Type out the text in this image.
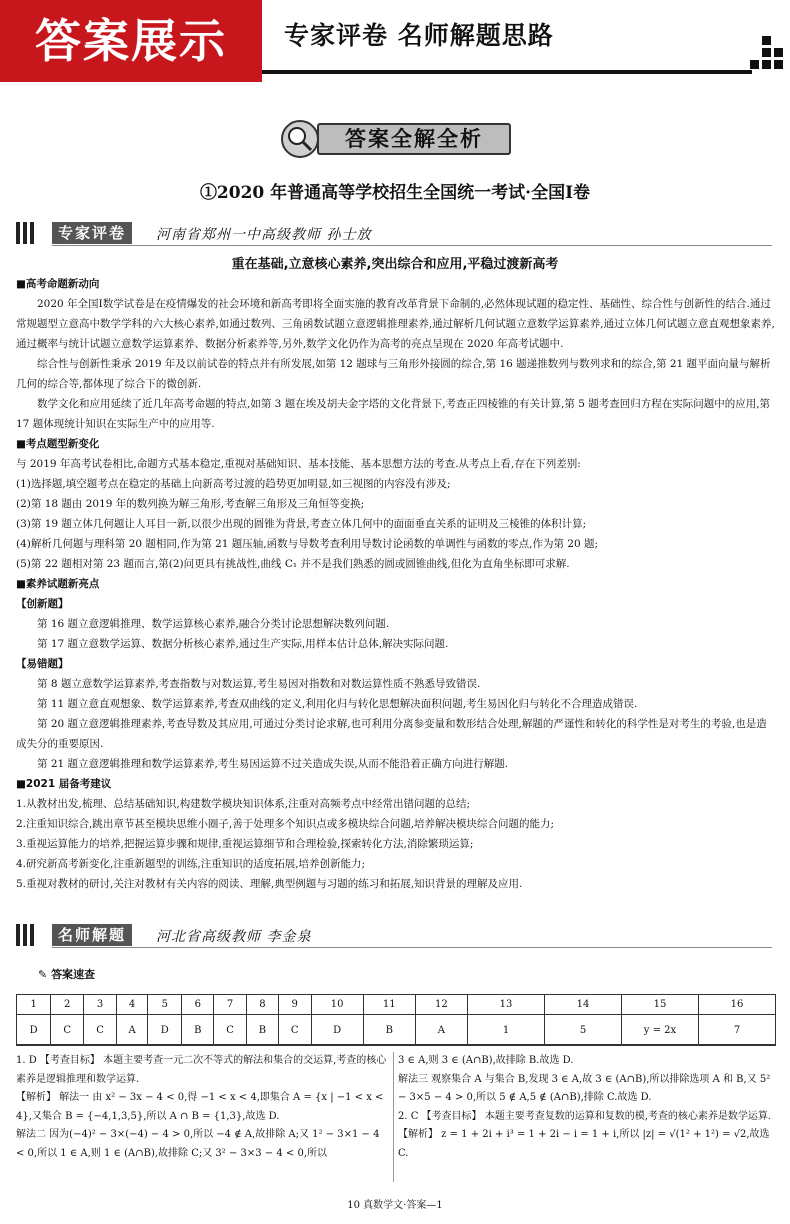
答案展示	专家评卷 名师解题思路
答案全解全析
①2020 年普通高等学校招生全国统一考试·全国Ⅰ卷
专家评卷	河南省郑州一中高级教师 孙士放
重在基础,立意核心素养,突出综合和应用,平稳过渡新高考

■高考命题新动向

2020 年全国Ⅰ数学试卷是在疫情爆发的社会环境和新高考即将全面实施的教育改革背景下命制的,必然体现试题的稳定性、基础性、综合性与创新性的结合.通过常规题型立意高中数学学科的六大核心素养,如通过数列、三角函数试题立意逻辑推理素养,通过解析几何试题立意数学运算素养,通过立体几何试题立意直观想象素养,通过概率与统计试题立意数学运算素养、数据分析素养等,另外,数学文化仍作为高考的亮点呈现在 2020 年高考试题中.

综合性与创新性秉承 2019 年及以前试卷的特点并有所发展,如第 12 题球与三角形外接圆的综合,第 16 题递推数列与数列求和的综合,第 21 题平面向量与解析几何的综合等,都体现了综合下的微创新.

数学文化和应用延续了近几年高考命题的特点,如第 3 题在埃及胡夫金字塔的文化背景下,考查正四棱锥的有关计算,第 5 题考查回归方程在实际问题中的应用,第 17 题体现统计知识在实际生产中的应用等.

■考点题型新变化

与 2019 年高考试卷相比,命题方式基本稳定,重视对基础知识、基本技能、基本思想方法的考查.从考点上看,存在下列差别:

(1)选择题,填空题考点在稳定的基础上向新高考过渡的趋势更加明显,如三视图的内容没有涉及;

(2)第 18 题由 2019 年的数列换为解三角形,考查解三角形及三角恒等变换;

(3)第 19 题立体几何题让人耳目一新,以很少出现的圆锥为背景,考查立体几何中的面面垂直关系的证明及三棱锥的体积计算;

(4)解析几何题与理科第 20 题相同,作为第 21 题压轴,函数与导数考查利用导数讨论函数的单调性与函数的零点,作为第 20 题;

(5)第 22 题相对第 23 题而言,第(2)问更具有挑战性,曲线 C₁ 并不是我们熟悉的圆或圆锥曲线,但化为直角坐标即可求解.

■素养试题新亮点

【创新题】

第 16 题立意逻辑推理、数学运算核心素养,融合分类讨论思想解决数列问题.

第 17 题立意数学运算、数据分析核心素养,通过生产实际,用样本估计总体,解决实际问题.

【易错题】

第 8 题立意数学运算素养,考查指数与对数运算,考生易因对指数和对数运算性质不熟悉导致错误.

第 11 题立意直观想象、数学运算素养,考查双曲线的定义,利用化归与转化思想解决面积问题,考生易因化归与转化不合理造成错误.

第 20 题立意逻辑推理素养,考查导数及其应用,可通过分类讨论求解,也可利用分离参变量和数形结合处理,解题的严谨性和转化的科学性是对考生的考验,也是造成失分的重要原因.

第 21 题立意逻辑推理和数学运算素养,考生易因运算不过关造成失误,从而不能沿着正确方向进行解题.

■2021 届备考建议

1.从教材出发,梳理、总结基础知识,构建数学模块知识体系,注重对高频考点中经常出错问题的总结;

2.注重知识综合,跳出章节甚至模块思维小圈子,善于处理多个知识点或多模块综合问题,培养解决模块综合问题的能力;

3.重视运算能力的培养,把握运算步骤和规律,重视运算细节和合理检验,探索转化方法,消除繁琐运算;

4.研究新高考新变化,注重新题型的训练,注重知识的适度拓展,培养创新能力;

5.重视对教材的研讨,关注对教材有关内容的阅读、理解,典型例题与习题的练习和拓展,知识背景的理解及应用.

名师解题	河北省高级教师 李金泉
✎ 答案速查
1	2	3	4	5	6	7	8	9	10	11	12	13	14	15	16
D	C	C	A	D	B	C	B	C	D	B	A	1	5	y = 2x	7

1. D 【考查目标】 本题主要考查一元二次不等式的解法和集合的交运算,考查的核心素养是逻辑推理和数学运算.

【解析】 解法一 由 x² − 3x − 4 < 0,得 −1 < x < 4,即集合 A = {x | −1 < x < 4},又集合 B = {−4,1,3,5},所以 A ∩ B = {1,3},故选 D.

解法二 因为(−4)² − 3×(−4) − 4 > 0,所以 −4 ∉ A,故排除 A;又 1² − 3×1 − 4 < 0,所以 1 ∈ A,则 1 ∈ (A∩B),故排除 C;又 3² − 3×3 − 4 < 0,所以

3 ∈ A,则 3 ∈ (A∩B),故排除 B.故选 D.

解法三 观察集合 A 与集合 B,发现 3 ∈ A,故 3 ∈ (A∩B),所以排除选项 A 和 B,又 5² − 3×5 − 4 > 0,所以 5 ∉ A,5 ∉ (A∩B),排除 C.故选 D.

2. C 【考查目标】 本题主要考查复数的运算和复数的模,考查的核心素养是数学运算.

【解析】 z = 1 + 2i + i³ = 1 + 2i − i = 1 + i,所以 |z| = √(1² + 1²) = √2,故选 C.

10 真数学文·答案—1
